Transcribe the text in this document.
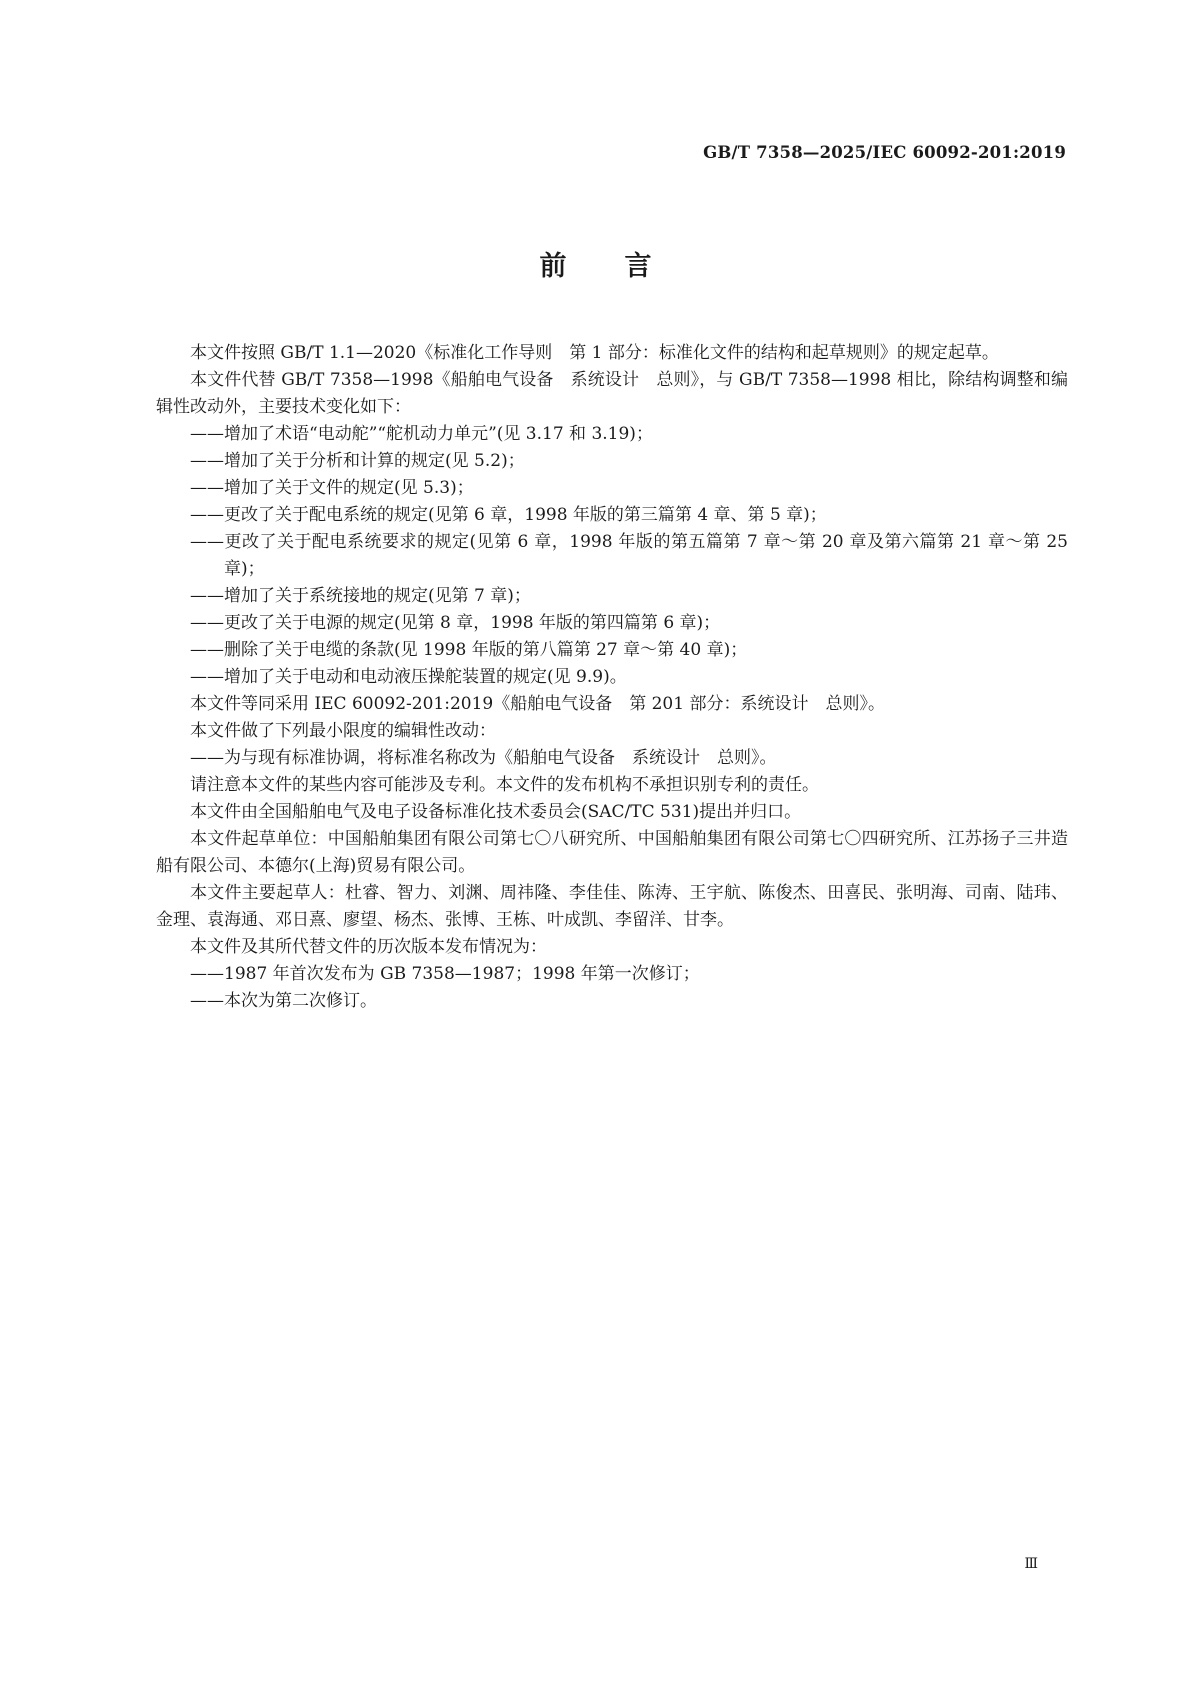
GB/T 7358—2025/IEC 60092-201:2019
前 言

本文件按照 GB/T 1.1—2020《标准化工作导则　第 1 部分：标准化文件的结构和起草规则》的规定起草。

本文件代替 GB/T 7358—1998《船舶电气设备　系统设计　总则》，与 GB/T 7358—1998 相比，除结构调整和编辑性改动外，主要技术变化如下：

——增加了术语“电动舵”“舵机动力单元”(见 3.17 和 3.19)；

——增加了关于分析和计算的规定(见 5.2)；

——增加了关于文件的规定(见 5.3)；

——更改了关于配电系统的规定(见第 6 章，1998 年版的第三篇第 4 章、第 5 章)；

——更改了关于配电系统要求的规定(见第 6 章，1998 年版的第五篇第 7 章～第 20 章及第六篇第 21 章～第 25 章)；

——增加了关于系统接地的规定(见第 7 章)；

——更改了关于电源的规定(见第 8 章，1998 年版的第四篇第 6 章)；

——删除了关于电缆的条款(见 1998 年版的第八篇第 27 章～第 40 章)；

——增加了关于电动和电动液压操舵装置的规定(见 9.9)。

本文件等同采用 IEC 60092-201:2019《船舶电气设备　第 201 部分：系统设计　总则》。

本文件做了下列最小限度的编辑性改动：

——为与现有标准协调，将标准名称改为《船舶电气设备　系统设计　总则》。

请注意本文件的某些内容可能涉及专利。本文件的发布机构不承担识别专利的责任。

本文件由全国船舶电气及电子设备标准化技术委员会(SAC/TC 531)提出并归口。

本文件起草单位：中国船舶集团有限公司第七〇八研究所、中国船舶集团有限公司第七〇四研究所、江苏扬子三井造船有限公司、本德尔(上海)贸易有限公司。

本文件主要起草人：杜睿、智力、刘渊、周祎隆、李佳佳、陈涛、王宇航、陈俊杰、田喜民、张明海、司南、陆玮、金理、袁海通、邓日熹、廖望、杨杰、张博、王栋、叶成凯、李留洋、甘李。

本文件及其所代替文件的历次版本发布情况为：

——1987 年首次发布为 GB 7358—1987；1998 年第一次修订；

——本次为第二次修订。

Ⅲ
